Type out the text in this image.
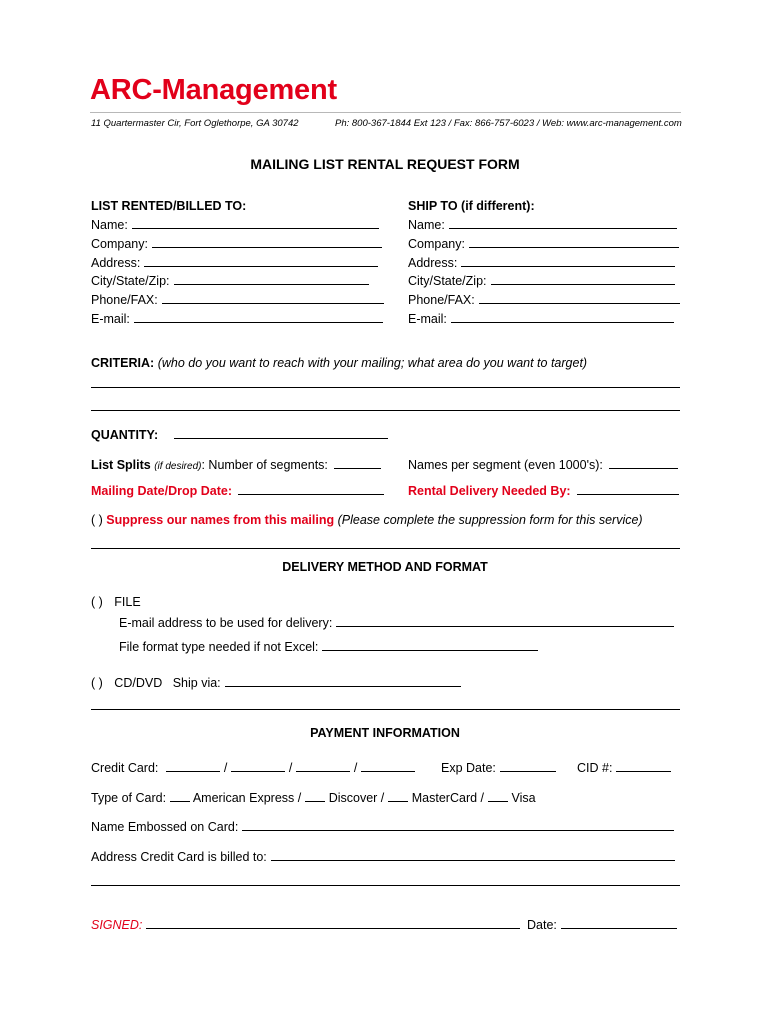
ARC-Management
11 Quartermaster Cir, Fort Oglethorpe, GA 30742	Ph: 800-367-1844 Ext 123 / Fax: 866-757-6023 / Web: www.arc-management.com
MAILING LIST RENTAL REQUEST FORM
LIST RENTED/BILLED TO:
Name:
Company:
Address:
City/State/Zip:
Phone/FAX:
E-mail:
SHIP TO (if different):
Name:
Company:
Address:
City/State/Zip:
Phone/FAX:
E-mail:
CRITERIA: (who do you want to reach with your mailing; what area do you want to target)
QUANTITY:
List Splits (if desired): Number of segments:	Names per segment (even 1000's):
Mailing Date/Drop Date:	Rental Delivery Needed By:
( ) Suppress our names from this mailing (Please complete the suppression form for this service)
DELIVERY METHOD AND FORMAT
( ) FILE
E-mail address to be used for delivery:
File format type needed if not Excel:
( ) CD/DVD Ship via:
PAYMENT INFORMATION
Credit Card:	/	/	/	Exp Date:	CID #:
Type of Card: American Express / Discover / MasterCard / Visa
Name Embossed on Card:
Address Credit Card is billed to:
SIGNED:	Date:
